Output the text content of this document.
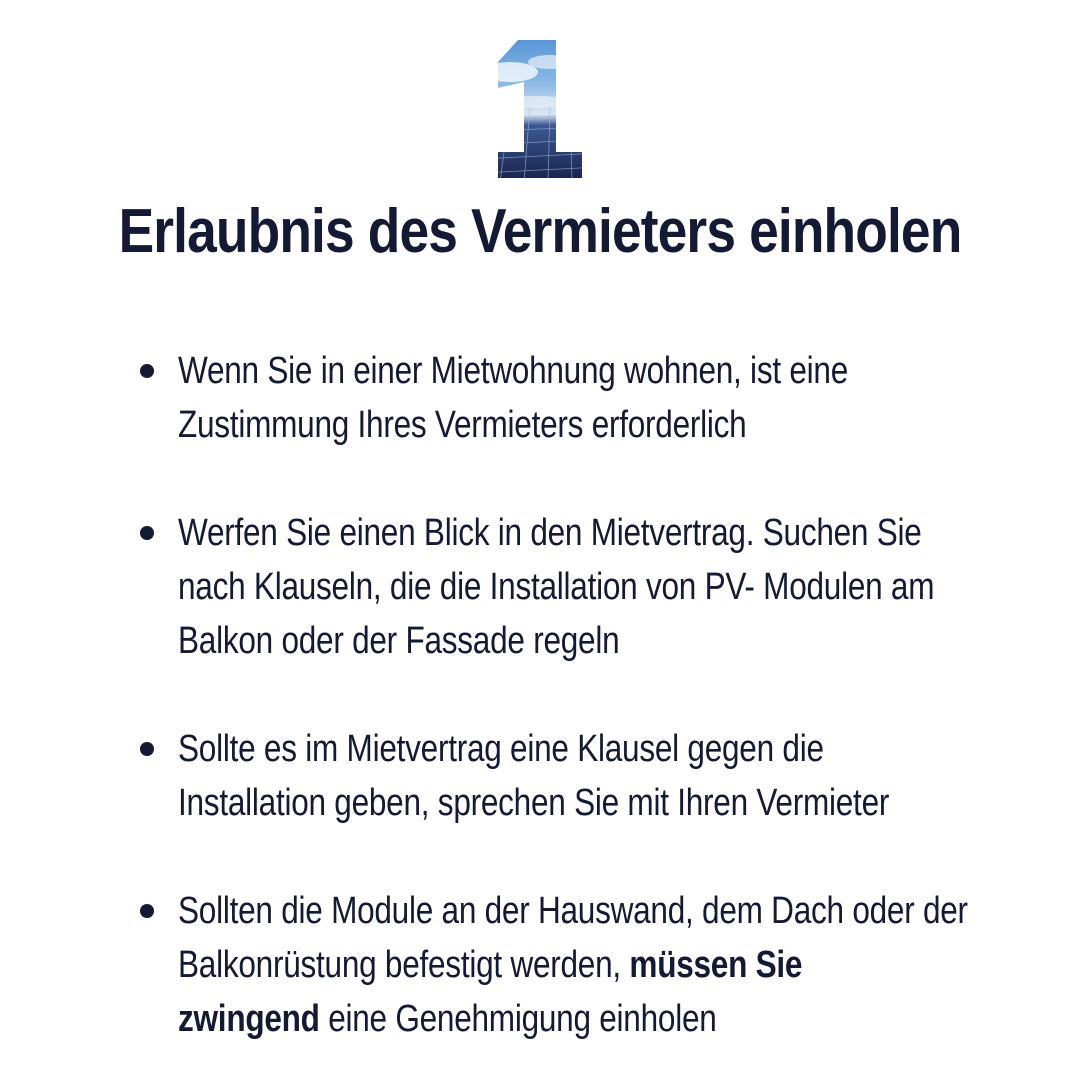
Erlaubnis des Vermieters einholen
Wenn Sie in einer Mietwohnung wohnen, ist eine
Zustimmung Ihres Vermieters erforderlich
Werfen Sie einen Blick in den Mietvertrag. Suchen Sie
nach Klauseln, die die Installation von PV- Modulen am
Balkon oder der Fassade regeln
Sollte es im Mietvertrag eine Klausel gegen die
Installation geben, sprechen Sie mit Ihren Vermieter
Sollten die Module an der Hauswand, dem Dach oder der
Balkonrüstung befestigt werden, müssen Sie
zwingend eine Genehmigung einholen
